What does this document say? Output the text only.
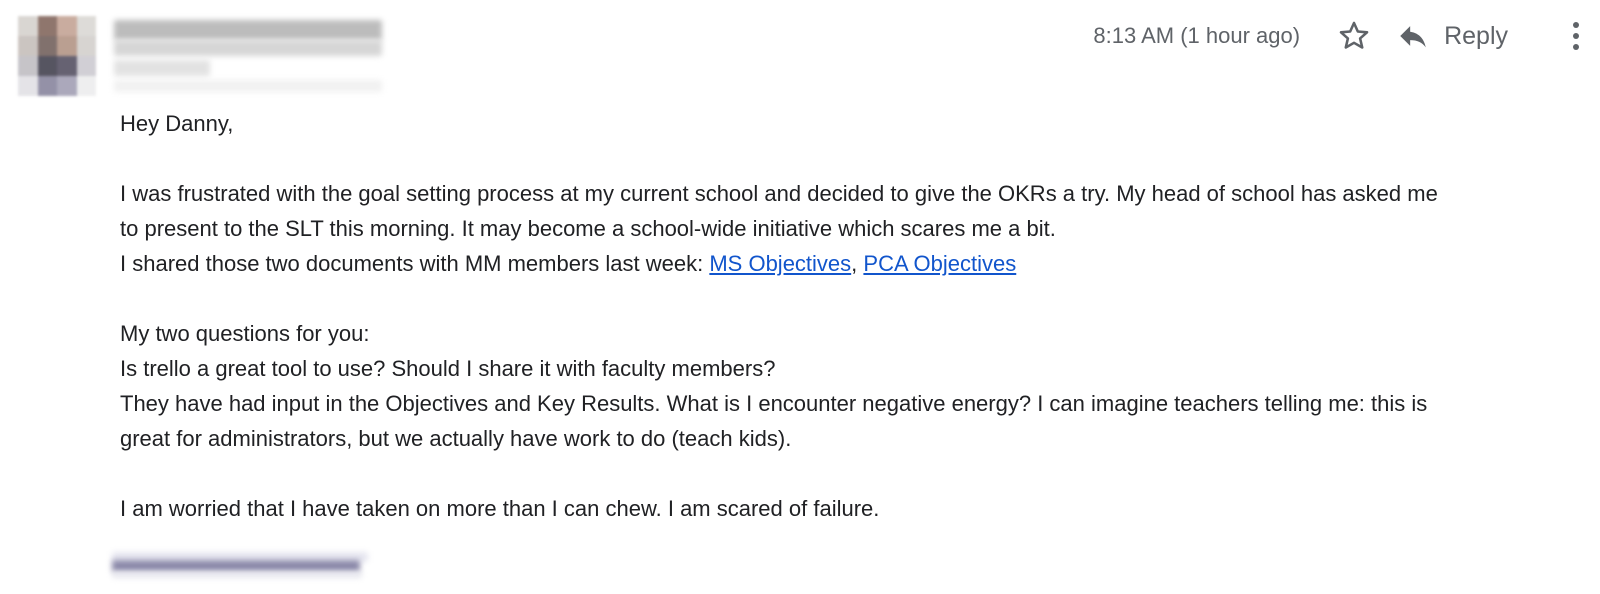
8:13 AM (1 hour ago)	Reply

Hey Danny,

I was frustrated with the goal setting process at my current school and decided to give the OKRs a try. My head of school has asked me

to present to the SLT this morning. It may become a school-wide initiative which scares me a bit.

I shared those two documents with MM members last week: MS Objectives, PCA Objectives

My two questions for you:

Is trello a great tool to use? Should I share it with faculty members?

They have had input in the Objectives and Key Results. What is I encounter negative energy? I can imagine teachers telling me: this is

great for administrators, but we actually have work to do (teach kids).

I am worried that I have taken on more than I can chew. I am scared of failure.
